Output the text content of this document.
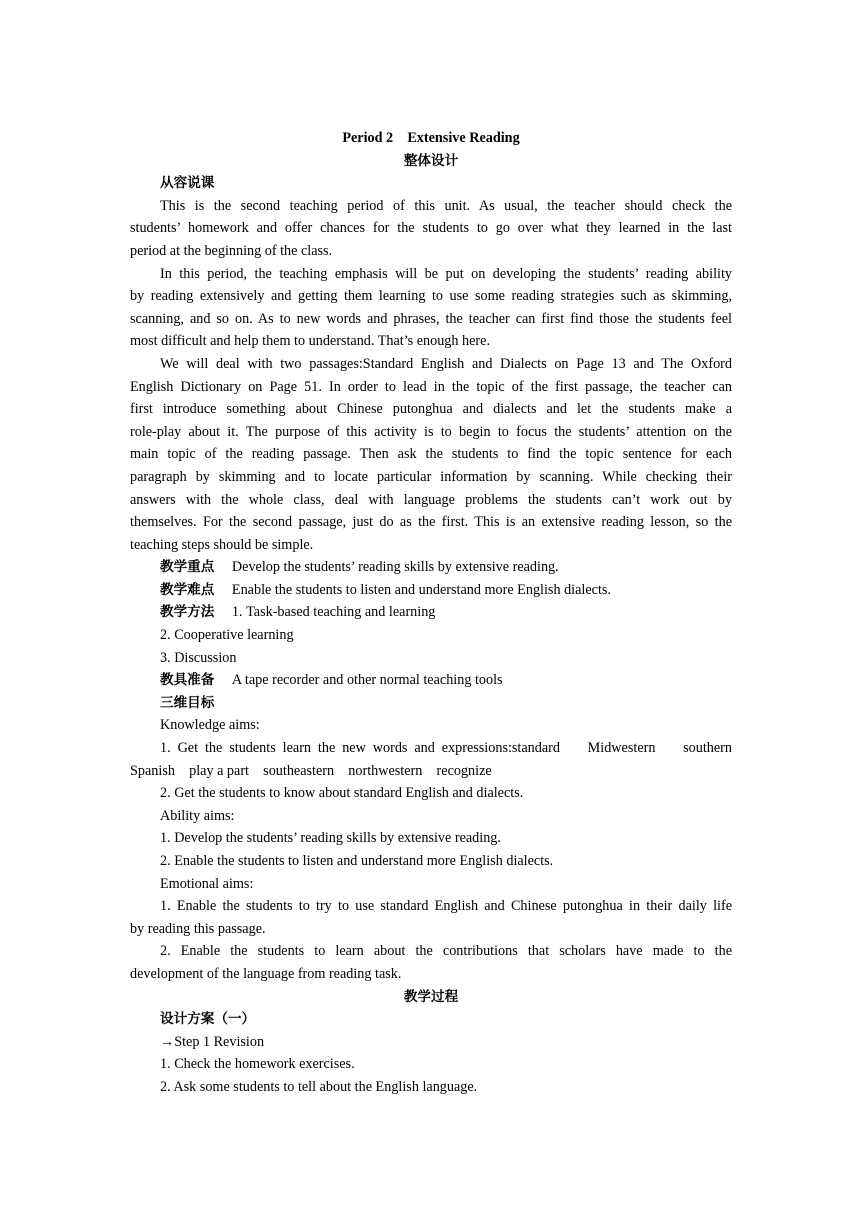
Period 2    Extensive Reading
整体设计
从容说课
This is the second teaching period of this unit. As usual, the teacher should check the
students’ homework and offer chances for the students to go over what they learned in the last
period at the beginning of the class.
In this period, the teaching emphasis will be put on developing the students’ reading ability
by reading extensively and getting them learning to use some reading strategies such as skimming,
scanning, and so on. As to new words and phrases, the teacher can first find those the students feel
most difficult and help them to understand. That’s enough here.
We will deal with two passages:Standard English and Dialects on Page 13 and The Oxford
English Dictionary on Page 51. In order to lead in the topic of the first passage, the teacher can
first introduce something about Chinese putonghua and dialects and let the students make a
role-play about it. The purpose of this activity is to begin to focus the students’ attention on the
main topic of the reading passage. Then ask the students to find the topic sentence for each
paragraph by skimming and to locate particular information by scanning. While checking their
answers with the whole class, deal with language problems the students can’t work out by
themselves. For the second passage, just do as the first. This is an extensive reading lesson, so the
teaching steps should be simple.
教学重点 Develop the students’ reading skills by extensive reading.
教学难点 Enable the students to listen and understand more English dialects.
教学方法 1. Task-based teaching and learning
2. Cooperative learning
3. Discussion
教具准备 A tape recorder and other normal teaching tools
三维目标
Knowledge aims:
1. Get the students learn the new words and expressions:standard    Midwestern    southern
Spanish    play a part    southeastern    northwestern    recognize
2. Get the students to know about standard English and dialects.
Ability aims:
1. Develop the students’ reading skills by extensive reading.
2. Enable the students to listen and understand more English dialects.
Emotional aims:
1. Enable the students to try to use standard English and Chinese putonghua in their daily life
by reading this passage.
2. Enable the students to learn about the contributions that scholars have made to the
development of the language from reading task.
教学过程
设计方案（一）
→Step 1 Revision
1. Check the homework exercises.
2. Ask some students to tell about the English language.
